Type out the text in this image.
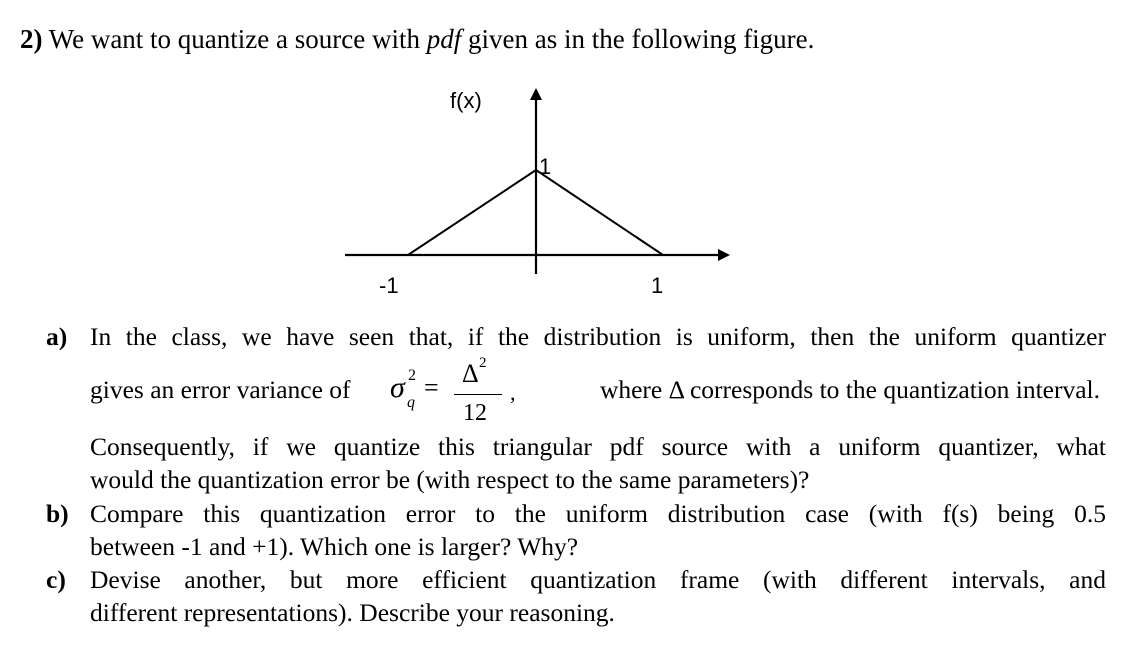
2) We want to quantize a source with pdf given as in the following figure.
f(x)
1
-1	1
a) In the class, we have seen that, if the distribution is uniform, then the uniform quantizer
gives an error variance of σ 2
q
= Δ 2
12
,	where Δ corresponds to the quantization interval.
Consequently, if we quantize this triangular pdf source with a uniform quantizer, what
would the quantization error be (with respect to the same parameters)?
b) Compare this quantization error to the uniform distribution case (with f(s) being 0.5
between -1 and +1). Which one is larger? Why?
c) Devise another, but more efficient quantization frame (with different intervals, and
different representations). Describe your reasoning.
